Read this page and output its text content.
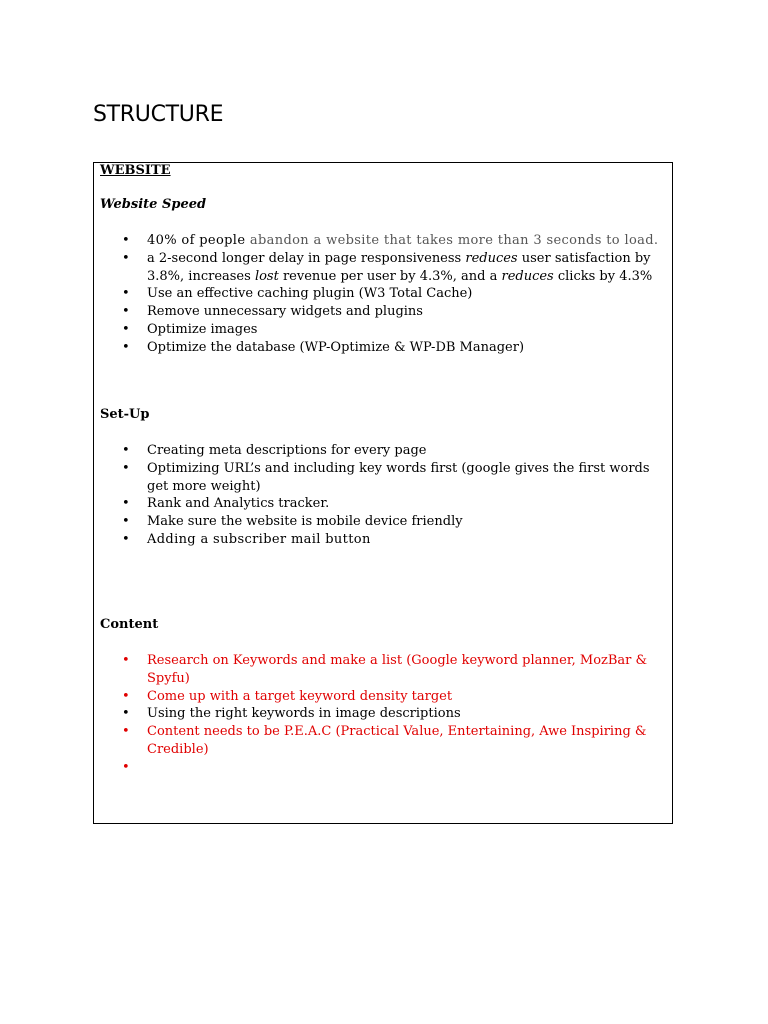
STRUCTURE
WEBSITE
Website Speed
• 40% of people abandon a website that takes more than 3 seconds to load.
• a 2-second longer delay in page responsiveness reduces user satisfaction by 3.8%, increases lost revenue per user by 4.3%, and a reduces clicks by 4.3%
• Use an effective caching plugin (W3 Total Cache)
• Remove unnecessary widgets and plugins
• Optimize images
• Optimize the database (WP-Optimize & WP-DB Manager)
Set-Up
• Creating meta descriptions for every page
• Optimizing URL’s and including key words first (google gives the first words get more weight)
• Rank and Analytics tracker.
• Make sure the website is mobile device friendly
• Adding a subscriber mail button
Content
• Research on Keywords and make a list (Google keyword planner, MozBar & Spyfu)
• Come up with a target keyword density target
• Using the right keywords in image descriptions
• Content needs to be P.E.A.C (Practical Value, Entertaining, Awe Inspiring & Credible)
•
